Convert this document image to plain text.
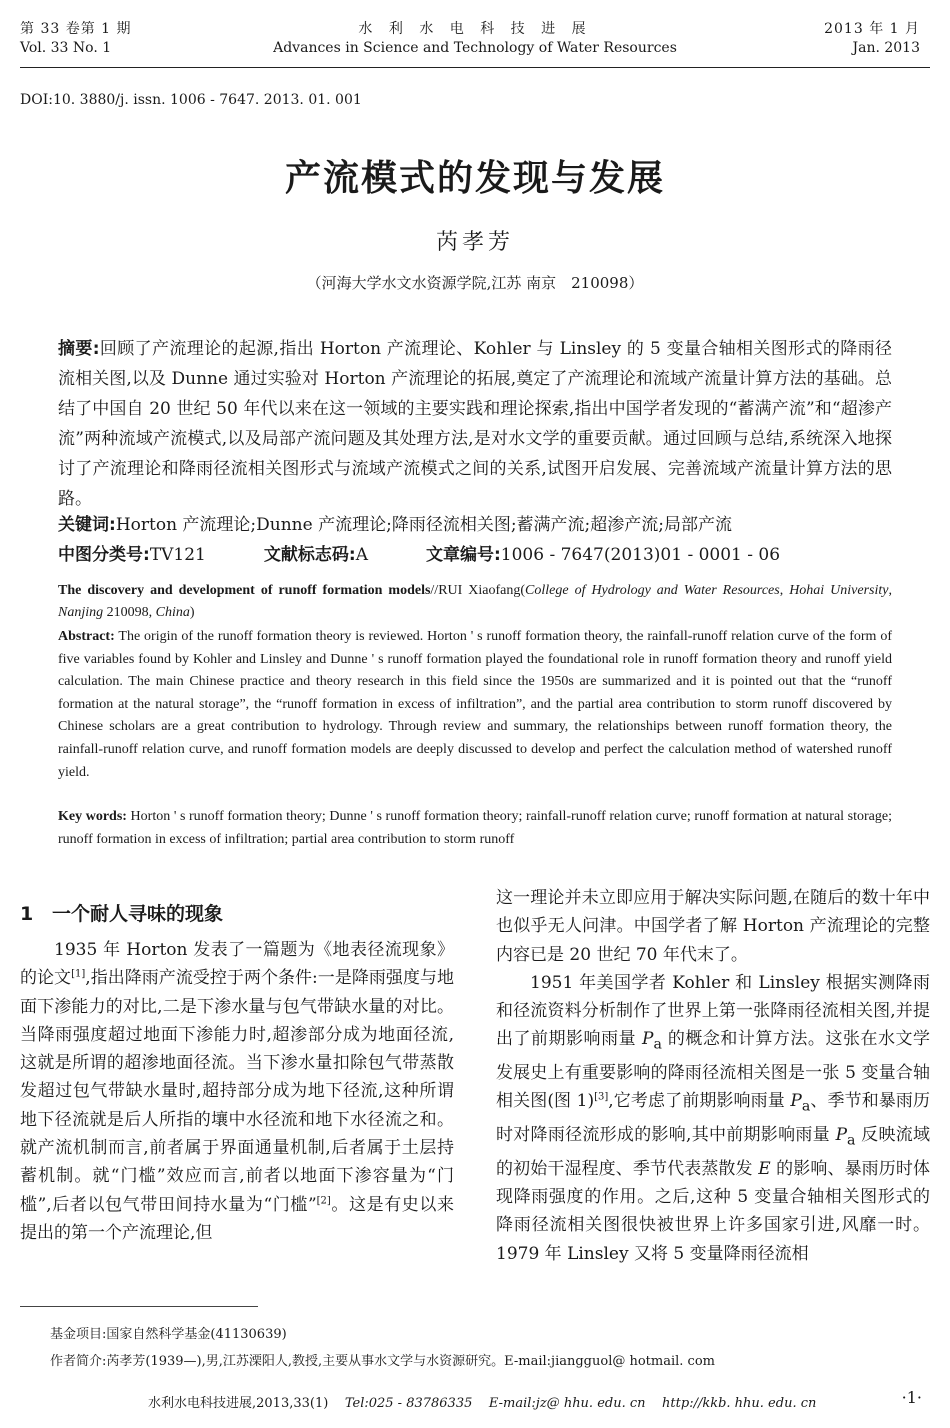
第 33 卷第 1 期
Vol. 33 No. 1
水 利 水 电 科 技 进 展
Advances in Science and Technology of Water Resources
2013 年 1 月
Jan. 2013
DOI:10. 3880/j. issn. 1006 - 7647. 2013. 01. 001
产流模式的发现与发展
芮孝芳
（河海大学水文水资源学院,江苏 南京　210098）
摘要:回顾了产流理论的起源,指出 Horton 产流理论、Kohler 与 Linsley 的 5 变量合轴相关图形式的降雨径流相关图,以及 Dunne 通过实验对 Horton 产流理论的拓展,奠定了产流理论和流域产流量计算方法的基础。总结了中国自 20 世纪 50 年代以来在这一领域的主要实践和理论探索,指出中国学者发现的“蓄满产流”和“超渗产流”两种流域产流模式,以及局部产流问题及其处理方法,是对水文学的重要贡献。通过回顾与总结,系统深入地探讨了产流理论和降雨径流相关图形式与流域产流模式之间的关系,试图开启发展、完善流域产流量计算方法的思路。
关键词:Horton 产流理论;Dunne 产流理论;降雨径流相关图;蓄满产流;超渗产流;局部产流
中图分类号:TV121	文献标志码:A	文章编号:1006 - 7647(2013)01 - 0001 - 06
The discovery and development of runoff formation models//RUI Xiaofang(College of Hydrology and Water Resources, Hohai University, Nanjing 210098, China)
Abstract: The origin of the runoff formation theory is reviewed. Horton ' s runoff formation theory, the rainfall-runoff relation curve of the form of five variables found by Kohler and Linsley and Dunne ' s runoff formation played the foundational role in runoff formation theory and runoff yield calculation. The main Chinese practice and theory research in this field since the 1950s are summarized and it is pointed out that the “runoff formation at the natural storage”, the “runoff formation in excess of infiltration”, and the partial area contribution to storm runoff discovered by Chinese scholars are a great contribution to hydrology. Through review and summary, the relationships between runoff formation theory, the rainfall-runoff relation curve, and runoff formation models are deeply discussed to develop and perfect the calculation method of watershed runoff yield.
Key words: Horton ' s runoff formation theory; Dunne ' s runoff formation theory; rainfall-runoff relation curve; runoff formation at natural storage; runoff formation in excess of infiltration; partial area contribution to storm runoff
1 一个耐人寻味的现象

1935 年 Horton 发表了一篇题为《地表径流现象》的论文[1],指出降雨产流受控于两个条件:一是降雨强度与地面下渗能力的对比,二是下渗水量与包气带缺水量的对比。当降雨强度超过地面下渗能力时,超渗部分成为地面径流,这就是所谓的超渗地面径流。当下渗水量扣除包气带蒸散发超过包气带缺水量时,超持部分成为地下径流,这种所谓地下径流就是后人所指的壤中水径流和地下水径流之和。就产流机制而言,前者属于界面通量机制,后者属于土层持蓄机制。就“门槛”效应而言,前者以地面下渗容量为“门槛”,后者以包气带田间持水量为“门槛”[2]。这是有史以来提出的第一个产流理论,但

这一理论并未立即应用于解决实际问题,在随后的数十年中也似乎无人问津。中国学者了解 Horton 产流理论的完整内容已是 20 世纪 70 年代末了。

1951 年美国学者 Kohler 和 Linsley 根据实测降雨和径流资料分析制作了世界上第一张降雨径流相关图,并提出了前期影响雨量 $P_a$ 的概念和计算方法。这张在水文学发展史上有重要影响的降雨径流相关图是一张 5 变量合轴相关图(图 1)[3],它考虑了前期影响雨量 $P_a$、季节和暴雨历时对降雨径流形成的影响,其中前期影响雨量 $P_a$ 反映流域的初始干湿程度、季节代表蒸散发 E 的影响、暴雨历时体现降雨强度的作用。之后,这种 5 变量合轴相关图形式的降雨径流相关图很快被世界上许多国家引进,风靡一时。1979 年 Linsley 又将 5 变量降雨径流相

基金项目:国家自然科学基金(41130639)
作者简介:芮孝芳(1939—),男,江苏溧阳人,教授,主要从事水文学与水资源研究。E-mail:jiangguol@ hotmail. com
水利水电科技进展,2013,33(1) Tel:025 - 83786335 E-mail:jz@ hhu. edu. cn http://kkb. hhu. edu. cn	·1·
